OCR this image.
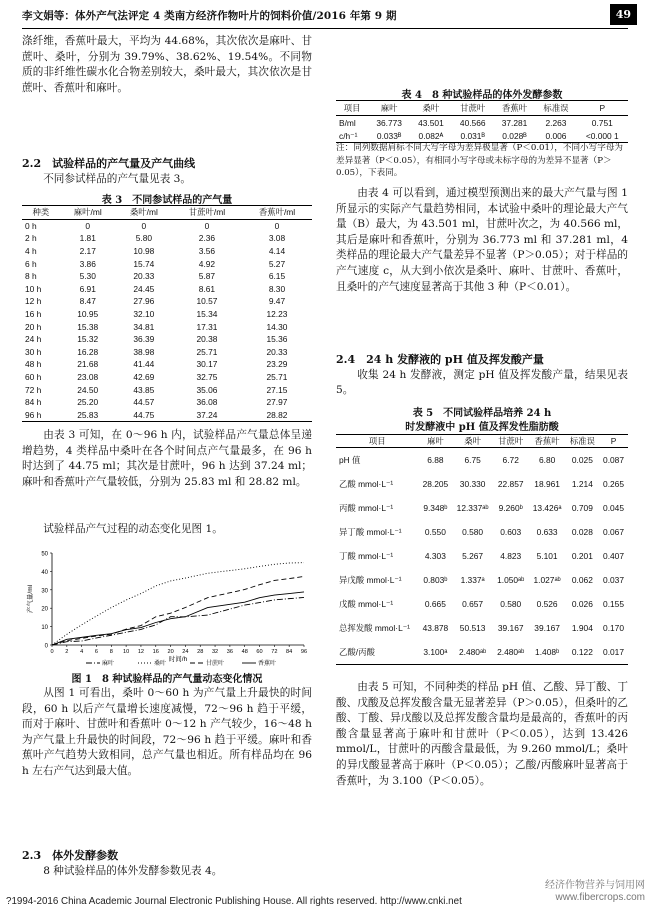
李文娟等：体外产气法评定 4 类南方经济作物叶片的饲料价值/2016 年第 9 期	49

涤纤维，香蕉叶最大，平均为 44.68%，其次依次是麻叶、甘蔗叶、桑叶，分别为 39.79%、38.62%、19.54%。不同物质的非纤维性碳水化合物差别较大，桑叶最大，其次依次是甘蔗叶、香蕉叶和麻叶。

2.2　试验样品的产气量及产气曲线

不同参试样品的产气量见表 3。

表 3　不同参试样品的产气量
种类	麻叶/ml	桑叶/ml	甘蔗叶/ml	香蕉叶/ml
0 h	0	0	0	0
2 h	1.81	5.80	2.36	3.08
4 h	2.17	10.98	3.56	4.14
6 h	3.86	15.74	4.92	5.27
8 h	5.30	20.33	5.87	6.15
10 h	6.91	24.45	8.61	8.30
12 h	8.47	27.96	10.57	9.47
16 h	10.95	32.10	15.34	12.23
20 h	15.38	34.81	17.31	14.30
24 h	15.32	36.39	20.38	15.36
30 h	16.28	38.98	25.71	20.33
48 h	21.68	41.44	30.17	23.29
60 h	23.08	42.69	32.75	25.71
72 h	24.50	43.85	35.06	27.15
84 h	25.20	44.57	36.08	27.97
96 h	25.83	44.75	37.24	28.82

由表 3 可知，在 0～96 h 内，试验样品产气量总体呈递增趋势，4 类样品中桑叶在各个时间点产气量最多，在 96 h 时达到了 44.75 ml；其次是甘蔗叶，96 h 达到 37.24 ml；麻叶和香蕉叶产气量较低，分别为 25.83 ml 和 28.82 ml。

试验样品产气过程的动态变化见图 1。

0
10
20
30
40
50
0 2 4 6 8 10 12 16 20 24 28 32 36 48 60 72 84 96
时间/h
产气量/ml
麻叶	桑叶	甘蔗叶	香蕉叶
图 1　8 种试验样品的产气量动态变化情况

从图 1 可看出，桑叶 0～60 h 为产气量上升最快的时间段，60 h 以后产气量增长速度减慢，72～96 h 趋于平缓，而对于麻叶、甘蔗叶和香蕉叶 0～12 h 产气较少，16～48 h 为产气量上升最快的时间段，72～96 h 趋于平缓。麻叶和香蕉叶产气趋势大致相同，总产气量也相近。所有样品均在 96 h 左右产气达到最大值。

2.3　体外发酵参数

8 种试验样品的体外发酵参数见表 4。

表 4　8 种试验样品的体外发酵参数
项目	麻叶	桑叶	甘蔗叶	香蕉叶	标准误	P
B/ml	36.773	43.501	40.566	37.281	2.263	0.751
c/h⁻¹	0.033ᴮ	0.082ᴬ	0.031ᴮ	0.028ᴮ	0.006	<0.000 1
注：同列数据肩标不同大写字母为差异极显著（P＜0.01），不同小写字母为差异显著（P＜0.05），有相同小写字母或未标字母的为差异不显著（P＞0.05），下表同。

由表 4 可以看到，通过模型预测出来的最大产气量与图 1 所显示的实际产气量趋势相同，本试验中桑叶的理论最大产气量（B）最大，为 43.501 ml，甘蔗叶次之，为 40.566 ml，其后是麻叶和香蕉叶，分别为 36.773 ml 和 37.281 ml，4 类样品的理论最大产气量差异不显著（P＞0.05）；对于样品的产气速度 c，从大到小依次是桑叶、麻叶、甘蔗叶、香蕉叶，且桑叶的产气速度显著高于其他 3 种（P＜0.01）。

2.4　24 h 发酵液的 pH 值及挥发酸产量

收集 24 h 发酵液，测定 pH 值及挥发酸产量，结果见表 5。

表 5　不同试验样品培养 24 h
时发酵液中 pH 值及挥发性脂肪酸
项目	麻叶	桑叶	甘蔗叶	香蕉叶	标准误	P
pH 值	6.88	6.75	6.72	6.80	0.025	0.087
乙酸 mmol·L⁻¹	28.205	30.330	22.857	18.961	1.214	0.265
丙酸 mmol·L⁻¹	9.348ᵇ	12.337ᵃᵇ	9.260ᵇ	13.426ᵃ	0.709	0.045
异丁酸 mmol·L⁻¹	0.550	0.580	0.603	0.633	0.028	0.067
丁酸 mmol·L⁻¹	4.303	5.267	4.823	5.101	0.201	0.407
异戊酸 mmol·L⁻¹	0.803ᵇ	1.337ᵃ	1.050ᵃᵇ	1.027ᵃᵇ	0.062	0.037
戊酸 mmol·L⁻¹	0.665	0.657	0.580	0.526	0.026	0.155
总挥发酸 mmol·L⁻¹	43.878	50.513	39.167	39.167	1.904	0.170
乙酸/丙酸	3.100ᵃ	2.480ᵃᵇ	2.480ᵃᵇ	1.408ᵇ	0.122	0.017

由表 5 可知，不同种类的样品 pH 值、乙酸、异丁酸、丁酸、戊酸及总挥发酸含量无显著差异（P＞0.05），但桑叶的乙酸、丁酸、异戊酸以及总挥发酸含量均是最高的，香蕉叶的丙酸含量显著高于麻叶和甘蔗叶（P＜0.05），达到 13.426 mmol/L，甘蔗叶的丙酸含量最低，为 9.260 mmol/L；桑叶的异戊酸显著高于麻叶（P＜0.05）；乙酸/丙酸麻叶显著高于香蕉叶，为 3.100（P＜0.05）。

?1994-2016 China Academic Journal Electronic Publishing House. All rights reserved. http://www.cnki.net
经济作物营养与饲用网
www.fibercrops.com
